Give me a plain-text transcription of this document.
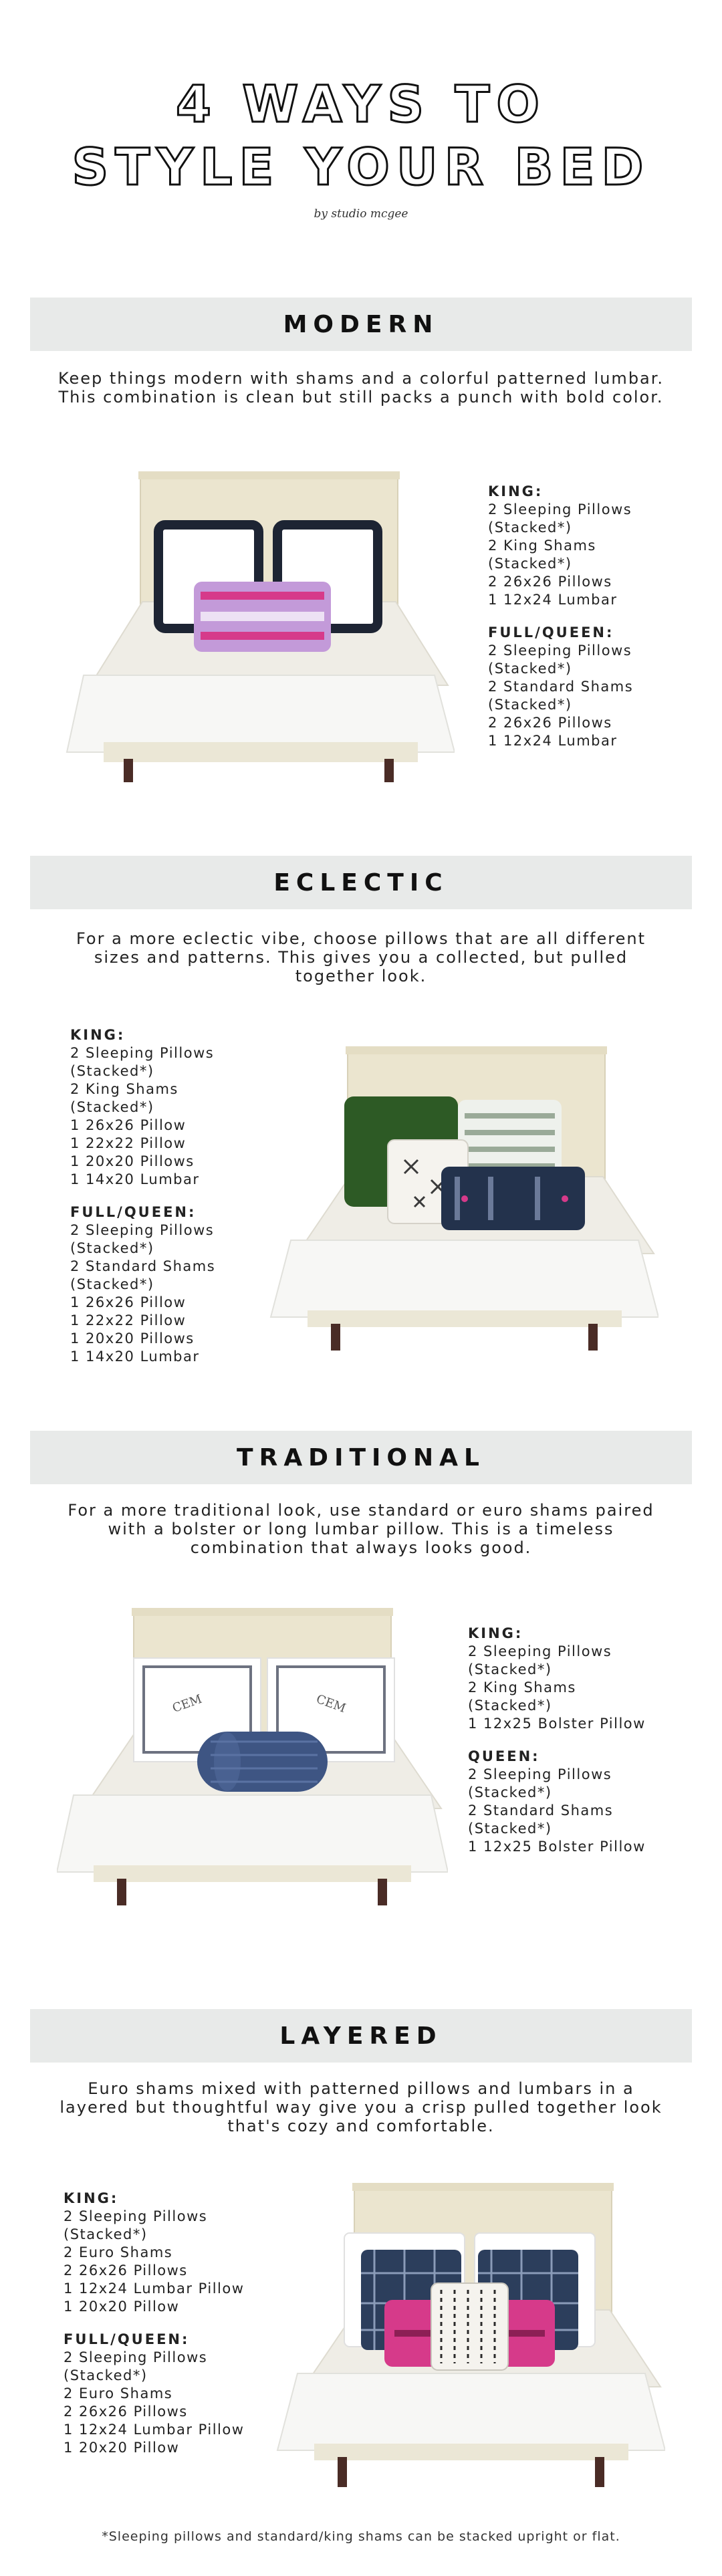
4 WAYS TO
STYLE YOUR BED
by studio mcgee
MODERN
Keep things modern with shams and a colorful patterned lumbar. This combination is clean but still packs a punch with bold color.
KING:
2 Sleeping Pillows
(Stacked*)
2 King Shams
(Stacked*)
2 26x26 Pillows
1 12x24 Lumbar
FULL/QUEEN:
2 Sleeping Pillows
(Stacked*)
2 Standard Shams
(Stacked*)
2 26x26 Pillows
1 12x24 Lumbar
ECLECTIC
For a more eclectic vibe, choose pillows that are all different sizes and patterns. This gives you a collected, but pulled together look.
KING:
2 Sleeping Pillows
(Stacked*)
2 King Shams
(Stacked*)
1 26x26 Pillow
1 22x22 Pillow
1 20x20 Pillows
1 14x20 Lumbar
FULL/QUEEN:
2 Sleeping Pillows
(Stacked*)
2 Standard Shams
(Stacked*)
1 26x26 Pillow
1 22x22 Pillow
1 20x20 Pillows
1 14x20 Lumbar
TRADITIONAL
For a more traditional look, use standard or euro shams paired with a bolster or long lumbar pillow. This is a timeless combination that always looks good.
CEM	CEM
KING:
2 Sleeping Pillows
(Stacked*)
2 King Shams
(Stacked*)
1 12x25 Bolster Pillow
QUEEN:
2 Sleeping Pillows
(Stacked*)
2 Standard Shams
(Stacked*)
1 12x25 Bolster Pillow
LAYERED
Euro shams mixed with patterned pillows and lumbars in a layered but thoughtful way give you a crisp pulled together look that's cozy and comfortable.
KING:
2 Sleeping Pillows
(Stacked*)
2 Euro Shams
2 26x26 Pillows
1 12x24 Lumbar Pillow
1 20x20 Pillow
FULL/QUEEN:
2 Sleeping Pillows
(Stacked*)
2 Euro Shams
2 26x26 Pillows
1 12x24 Lumbar Pillow
1 20x20 Pillow
*Sleeping pillows and standard/king shams can be stacked upright or flat.
